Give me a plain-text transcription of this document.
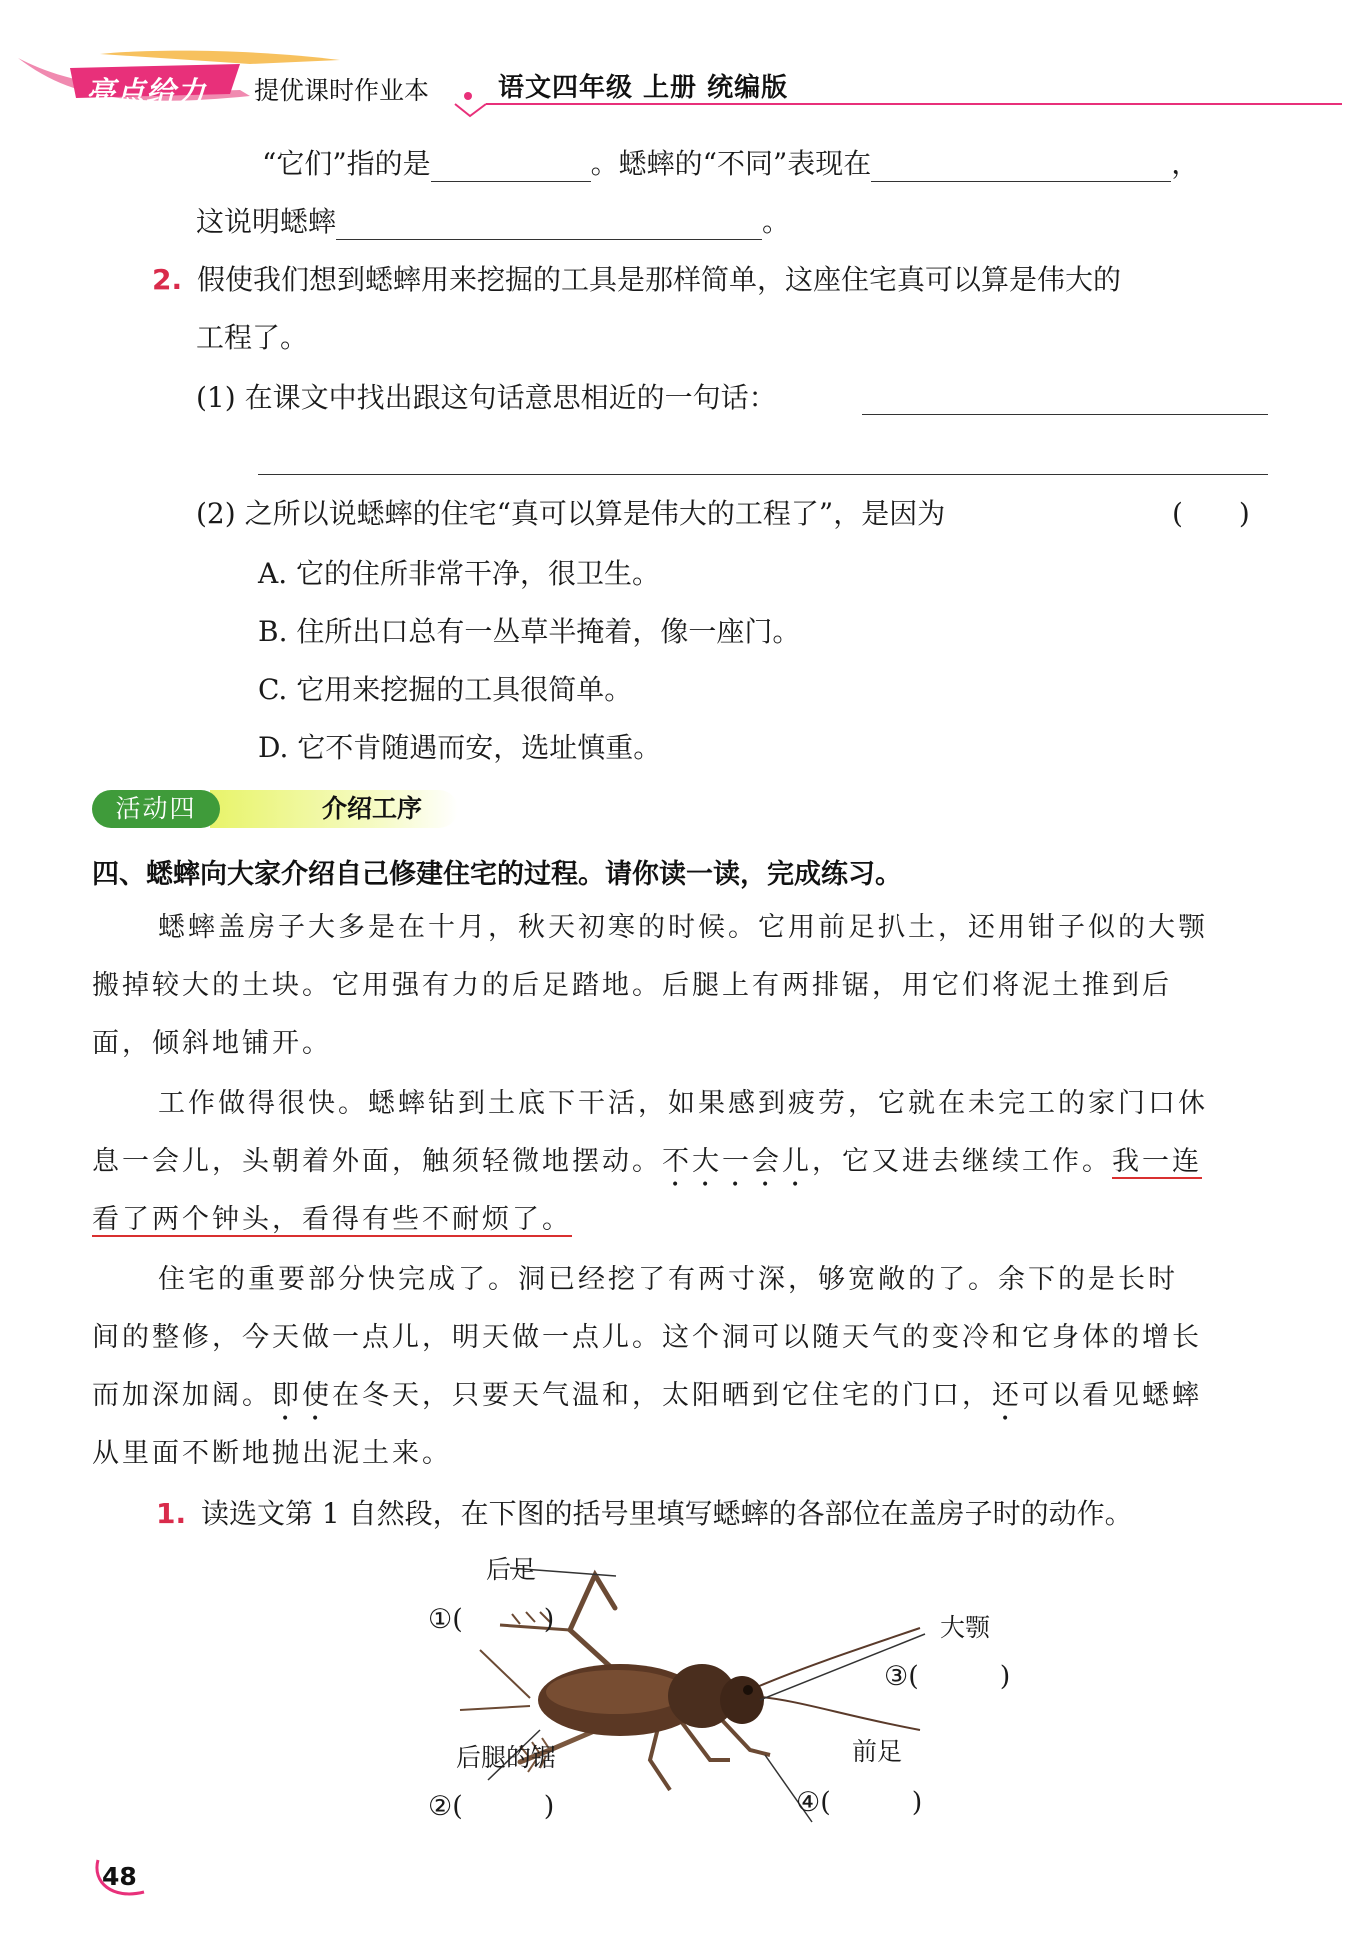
亮点给力 提优课时作业本	语文四年级 上册 统编版
“它们”指的是	。蟋蟀的“不同”表现在	，
这说明蟋蟀	。
2. 假使我们想到蟋蟀用来挖掘的工具是那样简单，这座住宅真可以算是伟大的
工程了。
(1) 在课文中找出跟这句话意思相近的一句话：
(2) 之所以说蟋蟀的住宅“真可以算是伟大的工程了”，是因为	(　　)
A. 它的住所非常干净，很卫生。
B. 住所出口总有一丛草半掩着，像一座门。
C. 它用来挖掘的工具很简单。
D. 它不肯随遇而安，选址慎重。
介绍工序
活动四
四、蟋蟀向大家介绍自己修建住宅的过程。请你读一读，完成练习。
蟋蟀盖房子大多是在十月，秋天初寒的时候。它用前足扒土，还用钳子似的大颚
搬掉较大的土块。它用强有力的后足踏地。后腿上有两排锯，用它们将泥土推到后
面，倾斜地铺开。
工作做得很快。蟋蟀钻到土底下干活，如果感到疲劳，它就在未完工的家门口休
息一会儿，头朝着外面，触须轻微地摆动。不大一会儿，它又进去继续工作。我一连
看了两个钟头，看得有些不耐烦了。
住宅的重要部分快完成了。洞已经挖了有两寸深，够宽敞的了。余下的是长时
间的整修，今天做一点儿，明天做一点儿。这个洞可以随天气的变冷和它身体的增长
而加深加阔。即使在冬天，只要天气温和，太阳晒到它住宅的门口，还可以看见蟋蟀
从里面不断地抛出泥土来。
1. 读选文第 1 自然段，在下图的括号里填写蟋蟀的各部位在盖房子时的动作。
后足
①(　　　)	大颚
③(　　　)
后腿的锯
②(　　　)
前足
④(　　　)
48
